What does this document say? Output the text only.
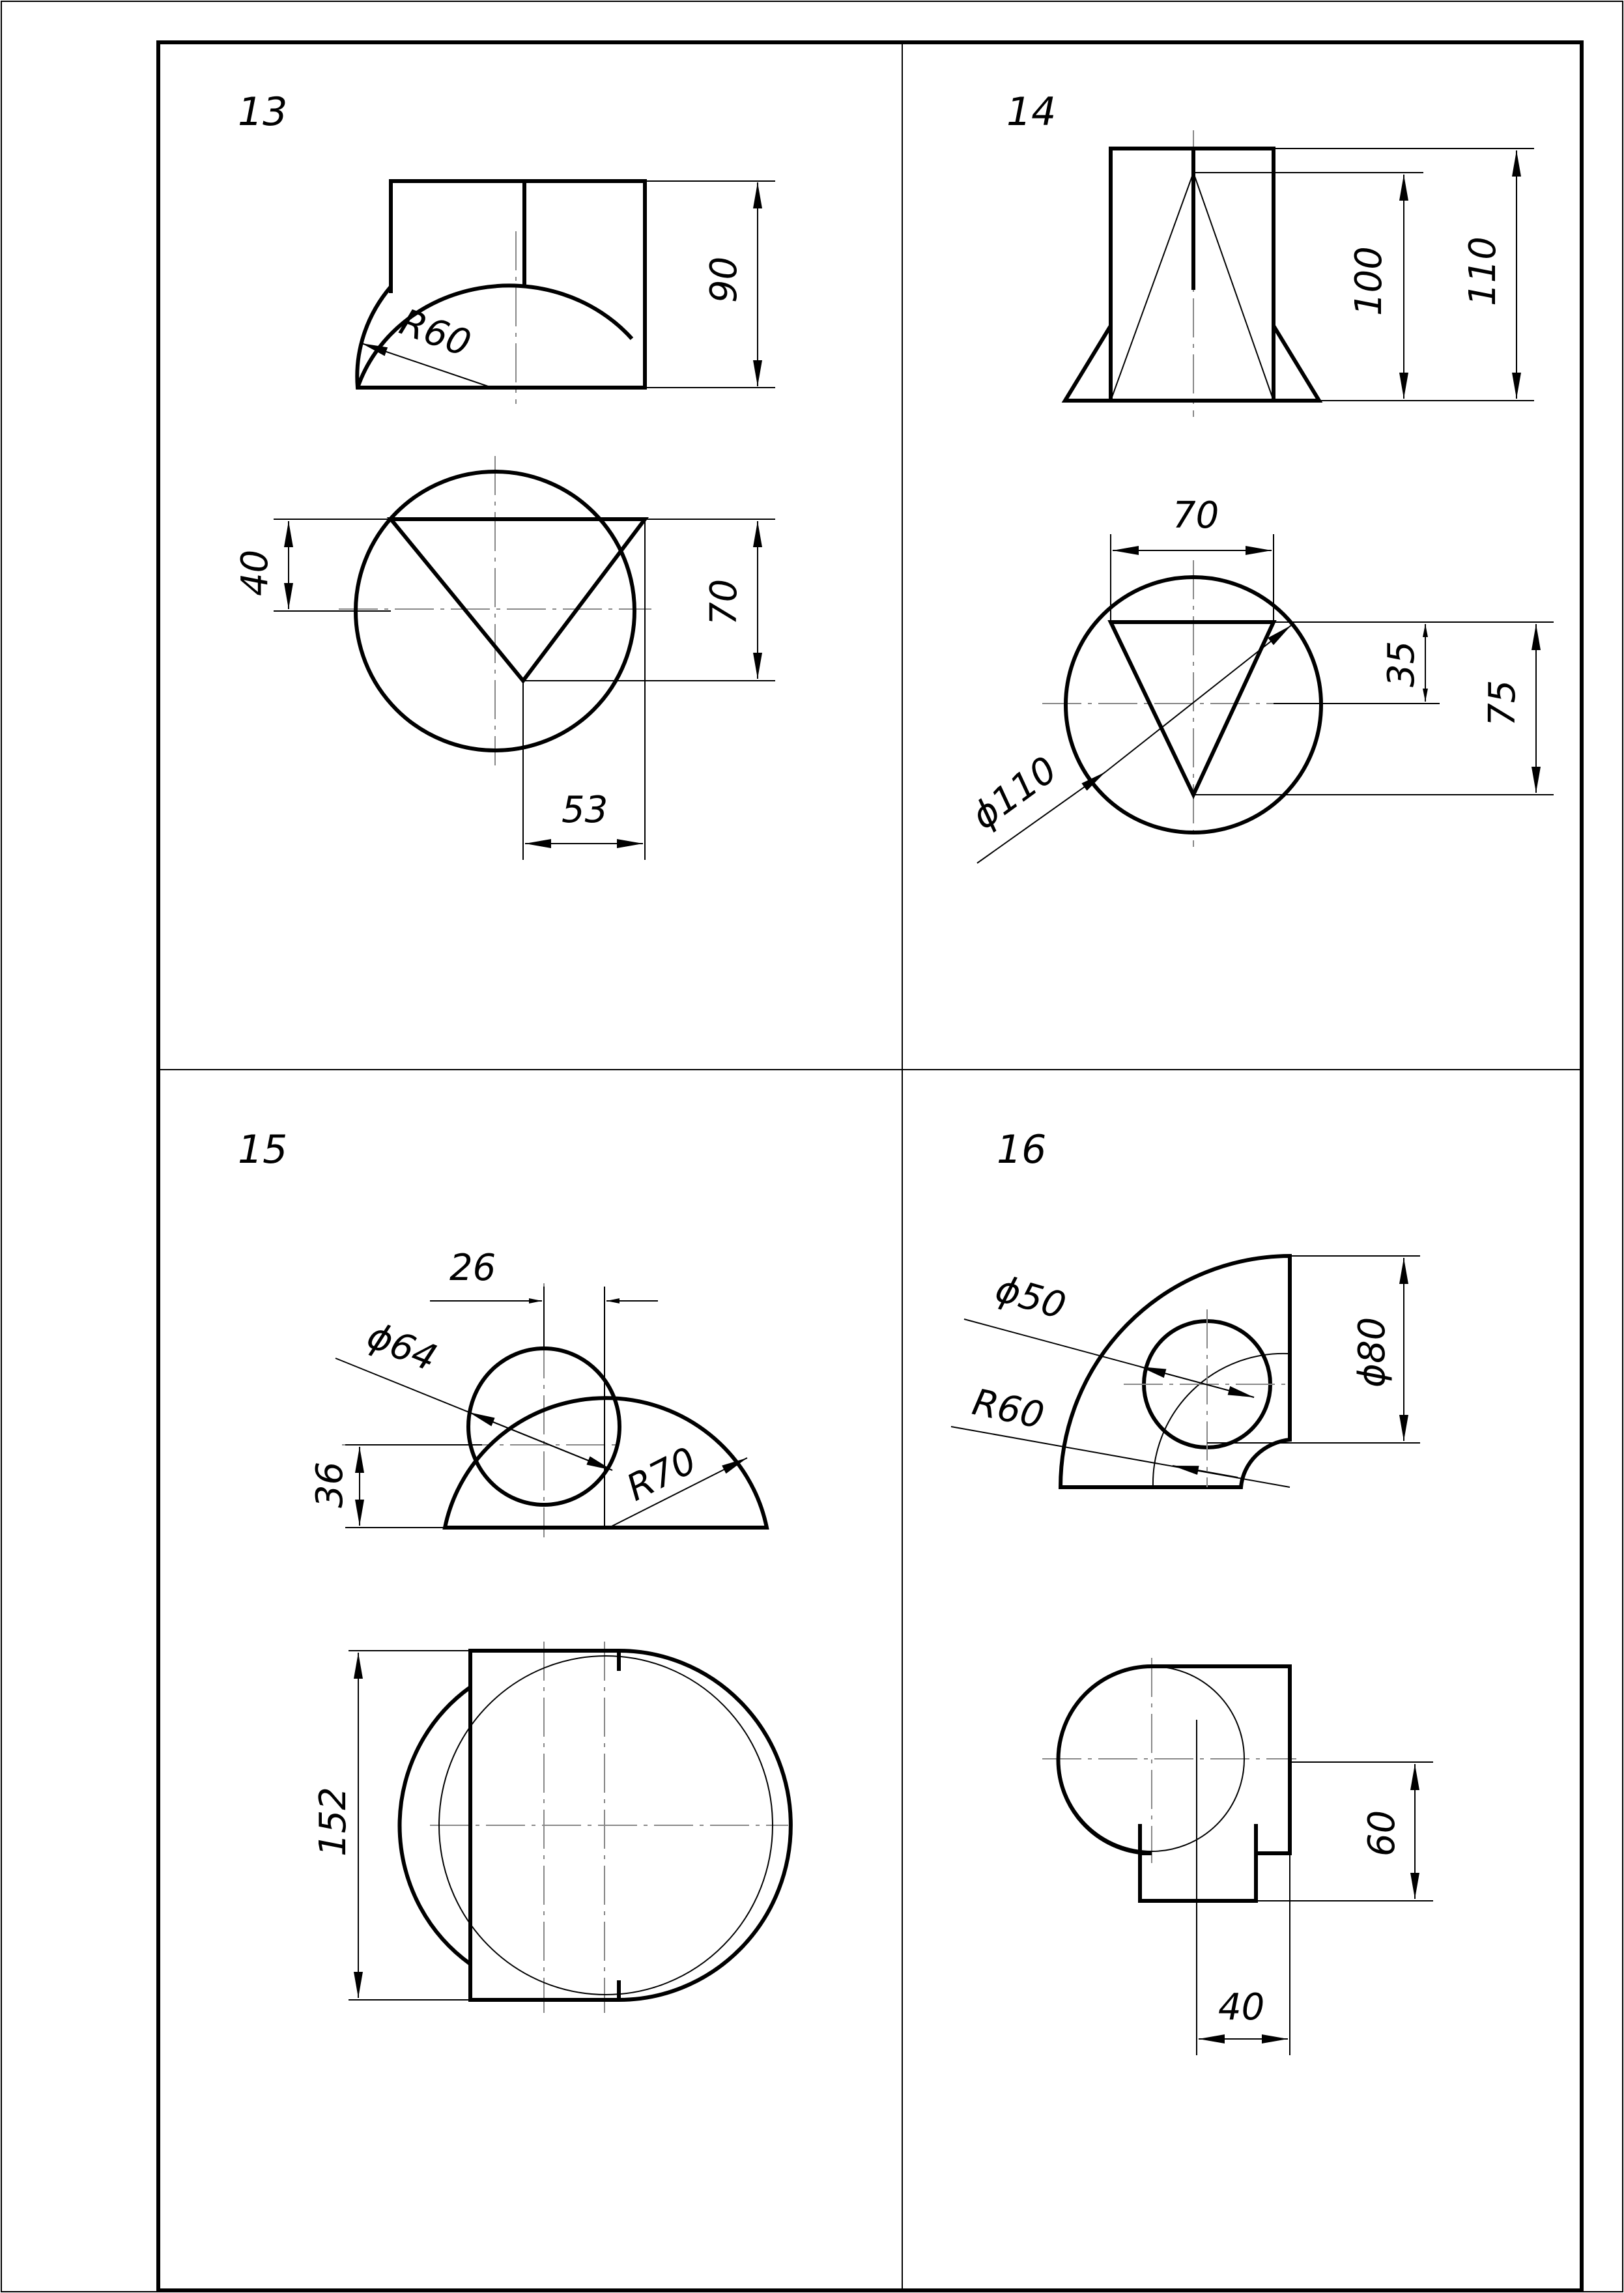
13
90
R60
40
70
53
14
100 110
70
35
75
ϕ110
15
26
ϕ64
R70
36
152
16
ϕ80
ϕ50
R60
60
40
